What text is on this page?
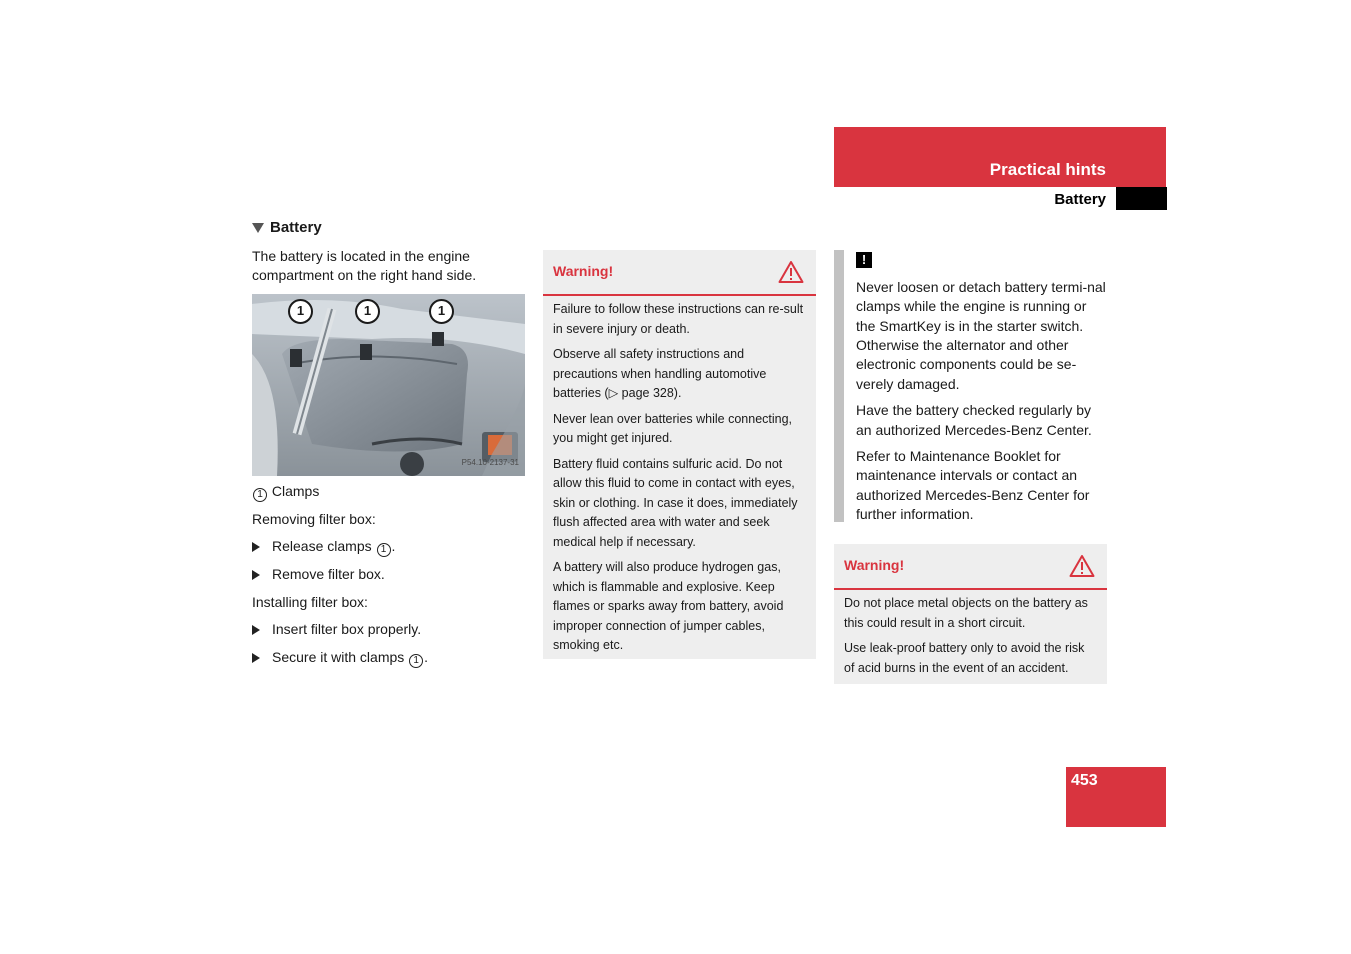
Practical hints
Battery
Battery
The battery is located in the engine compartment on the right hand side.
1	1	1
P54.10-2137-31
1 Clamps
Removing filter box:
Release clamps 1 .
Remove filter box.
Installing filter box:
Insert filter box properly.
Secure it with clamps 1 .
Warning!

Failure to follow these instructions can re-sult in severe injury or death.

Observe all safety instructions and precautions when handling automotive batteries (▷ page 328).

Never lean over batteries while connecting, you might get injured.

Battery fluid contains sulfuric acid. Do not allow this fluid to come in contact with eyes, skin or clothing. In case it does, immediately flush affected area with water and seek medical help if necessary.

A battery will also produce hydrogen gas, which is flammable and explosive. Keep flames or sparks away from battery, avoid improper connection of jumper cables, smoking etc.

!

Never loosen or detach battery termi-nal clamps while the engine is running or the SmartKey is in the starter switch. Otherwise the alternator and other electronic components could be se-verely damaged.

Have the battery checked regularly by an authorized Mercedes-Benz Center.

Refer to Maintenance Booklet for maintenance intervals or contact an authorized Mercedes-Benz Center for further information.

Warning!

Do not place metal objects on the battery as this could result in a short circuit.

Use leak-proof battery only to avoid the risk of acid burns in the event of an accident.

453
